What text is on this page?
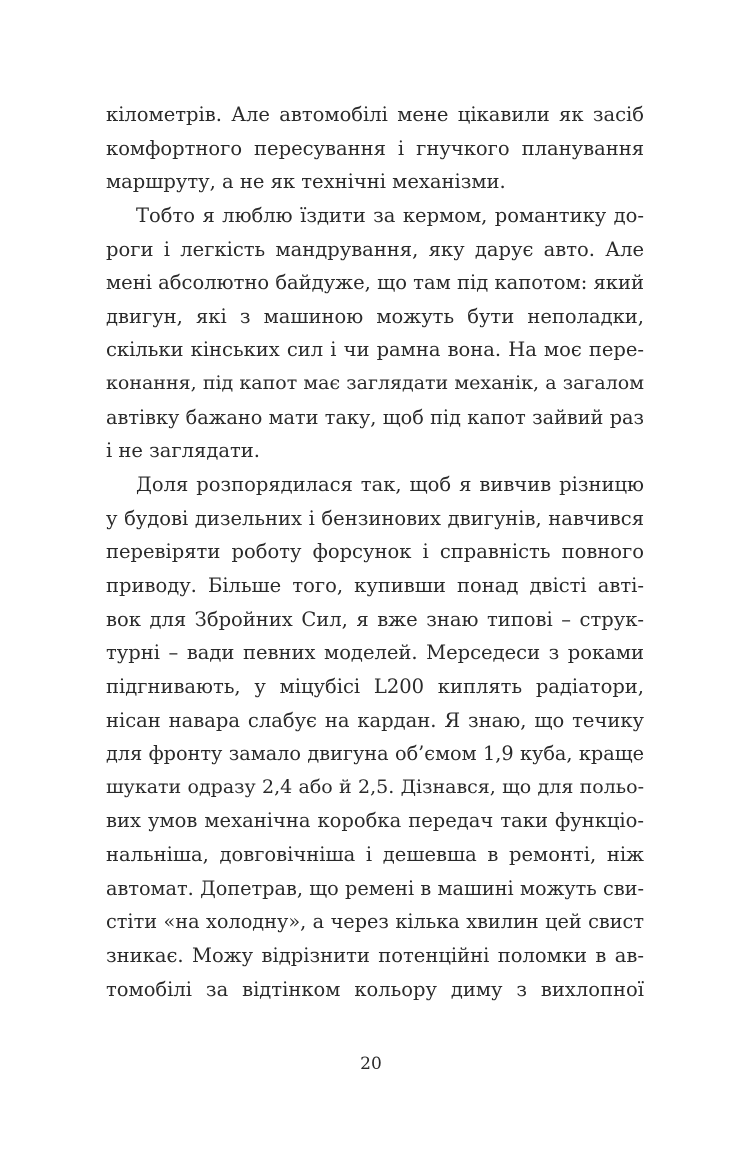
кілометрів. Але автомобілі мене цікавили як засіб
комфортного пересування і гнучкого планування
маршруту, а не як технічні механізми.
Тобто я люблю їздити за кермом, романтику до-
роги і легкість мандрування, яку дарує авто. Але
мені абсолютно байдуже, що там під капотом: який
двигун, які з машиною можуть бути неполадки,
скільки кінських сил і чи рамна вона. На моє пере-
конання, під капот має заглядати механік, а загалом
автівку бажано мати таку, щоб під капот зайвий раз
і не заглядати.
Доля розпорядилася так, щоб я вивчив різницю
у будові дизельних і бензинових двигунів, навчився
перевіряти роботу форсунок і справність повного
приводу. Більше того, купивши понад двісті авті-
вок для Збройних Сил, я вже знаю типові – струк-
турні – вади певних моделей. Мерседеси з роками
підгнивають, у міцубісі L200 киплять радіатори,
нісан навара слабує на кардан. Я знаю, що течику
для фронту замало двигуна об’ємом 1,9 куба, краще
шукати одразу 2,4 або й 2,5. Дізнався, що для польо-
вих умов механічна коробка передач таки функціо-
нальніша, довговічніша і дешевша в ремонті, ніж
автомат. Допетрав, що ремені в машині можуть сви-
стіти «на холодну», а через кілька хвилин цей свист
зникає. Можу відрізнити потенційні поломки в ав-
томобілі за відтінком кольору диму з вихлопної
20
